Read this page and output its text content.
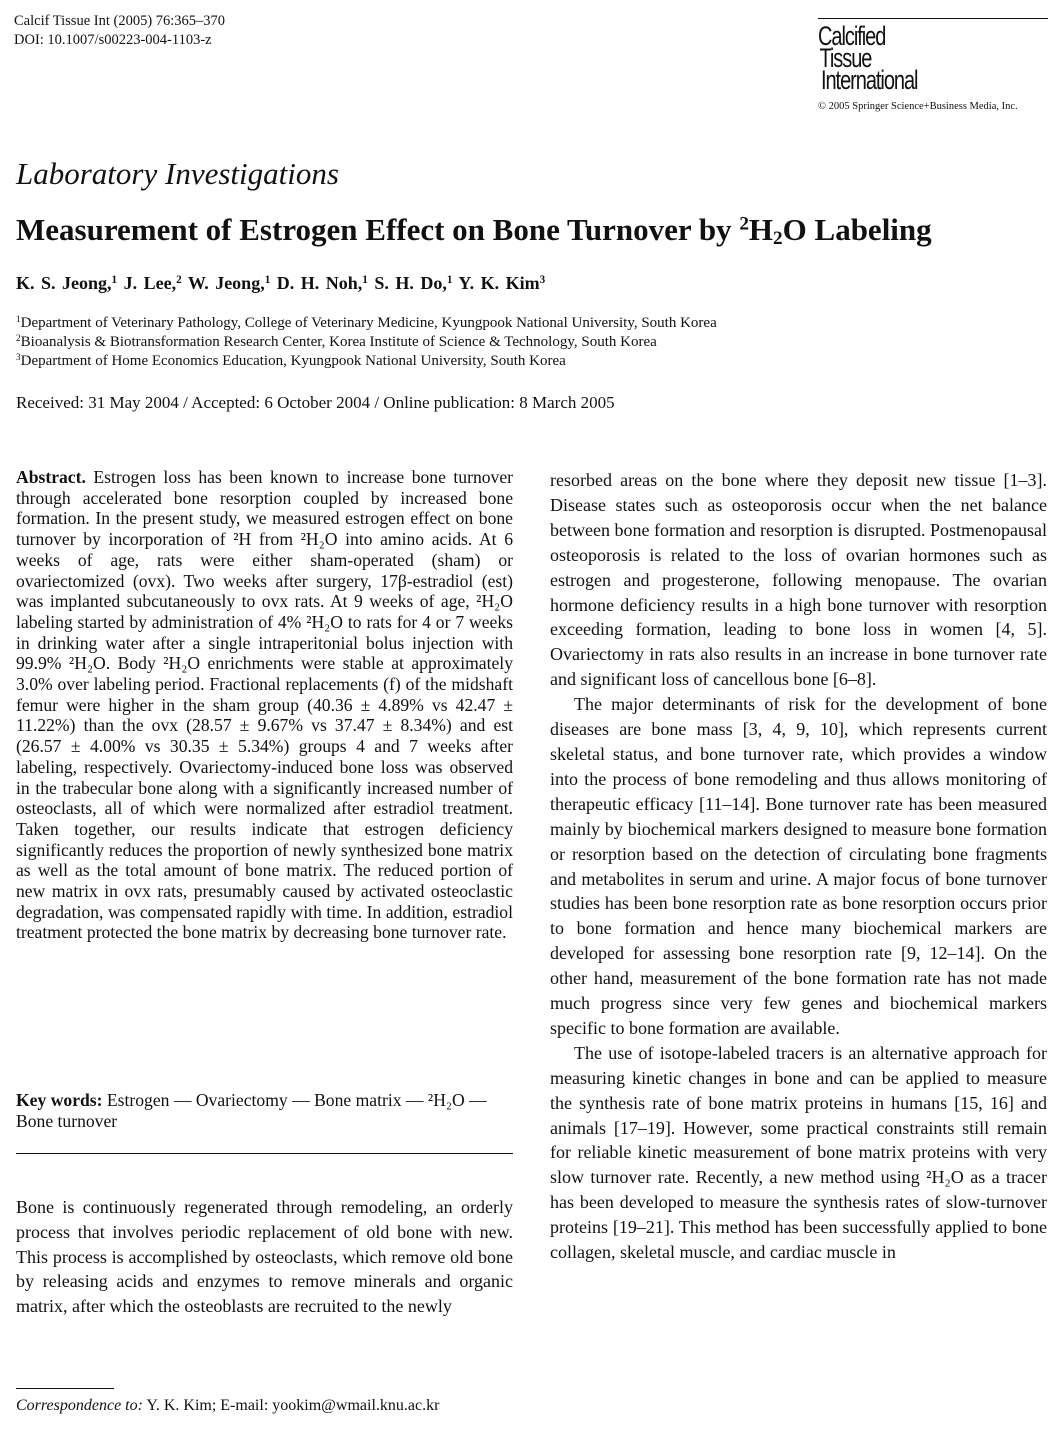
Calcif Tissue Int (2005) 76:365–370
DOI: 10.1007/s00223-004-1103-z	Calcified
Tissue
International
© 2005 Springer Science+Business Media, Inc.
Laboratory Investigations
Measurement of Estrogen Effect on Bone Turnover by $^2H_2O$ Labeling
K. S. Jeong,$^1$ J. Lee,$^2$ W. Jeong,$^1$ D. H. Noh,$^1$ S. H. Do,$^1$ Y. K. Kim$^3$
$^1$Department of Veterinary Pathology, College of Veterinary Medicine, Kyungpook National University, South Korea
$^2$Bioanalysis & Biotransformation Research Center, Korea Institute of Science & Technology, South Korea
$^3$Department of Home Economics Education, Kyungpook National University, South Korea
Received: 31 May 2004 / Accepted: 6 October 2004 / Online publication: 8 March 2005
Abstract. Estrogen loss has been known to increase bone turnover through accelerated bone resorption coupled by increased bone formation. In the present study, we measured estrogen effect on bone turnover by incorporation of ²H from ²H₂O into amino acids. At 6 weeks of age, rats were either sham-operated (sham) or ovariectomized (ovx). Two weeks after surgery, 17β-estradiol (est) was implanted subcutaneously to ovx rats. At 9 weeks of age, ²H₂O labeling started by administration of 4% ²H₂O to rats for 4 or 7 weeks in drinking water after a single intraperitonial bolus injection with 99.9% ²H₂O. Body ²H₂O enrichments were stable at approximately 3.0% over labeling period. Fractional replacements (f) of the midshaft femur were higher in the sham group (40.36 ± 4.89% vs 42.47 ± 11.22%) than the ovx (28.57 ± 9.67% vs 37.47 ± 8.34%) and est (26.57 ± 4.00% vs 30.35 ± 5.34%) groups 4 and 7 weeks after labeling, respectively. Ovariectomy-induced bone loss was observed in the trabecular bone along with a significantly increased number of osteoclasts, all of which were normalized after estradiol treatment. Taken together, our results indicate that estrogen deficiency significantly reduces the proportion of newly synthesized bone matrix as well as the total amount of bone matrix. The reduced portion of new matrix in ovx rats, presumably caused by activated osteoclastic degradation, was compensated rapidly with time. In addition, estradiol treatment protected the bone matrix by decreasing bone turnover rate.
Key words: Estrogen — Ovariectomy — Bone matrix — ²H₂O — Bone turnover
Bone is continuously regenerated through remodeling, an orderly process that involves periodic replacement of old bone with new. This process is accomplished by osteoclasts, which remove old bone by releasing acids and enzymes to remove minerals and organic matrix, after which the osteoblasts are recruited to the newly
Correspondence to: Y. K. Kim; E-mail: yookim@wmail.knu.ac.kr

resorbed areas on the bone where they deposit new tissue [1–3]. Disease states such as osteoporosis occur when the net balance between bone formation and resorption is disrupted. Postmenopausal osteoporosis is related to the loss of ovarian hormones such as estrogen and progesterone, following menopause. The ovarian hormone deficiency results in a high bone turnover with resorption exceeding formation, leading to bone loss in women [4, 5]. Ovariectomy in rats also results in an increase in bone turnover rate and significant loss of cancellous bone [6–8].

The major determinants of risk for the development of bone diseases are bone mass [3, 4, 9, 10], which represents current skeletal status, and bone turnover rate, which provides a window into the process of bone remodeling and thus allows monitoring of therapeutic efficacy [11–14]. Bone turnover rate has been measured mainly by biochemical markers designed to measure bone formation or resorption based on the detection of circulating bone fragments and metabolites in serum and urine. A major focus of bone turnover studies has been bone resorption rate as bone resorption occurs prior to bone formation and hence many biochemical markers are developed for assessing bone resorption rate [9, 12–14]. On the other hand, measurement of the bone formation rate has not made much progress since very few genes and biochemical markers specific to bone formation are available.

The use of isotope-labeled tracers is an alternative approach for measuring kinetic changes in bone and can be applied to measure the synthesis rate of bone matrix proteins in humans [15, 16] and animals [17–19]. However, some practical constraints still remain for reliable kinetic measurement of bone matrix proteins with very slow turnover rate. Recently, a new method using ²H₂O as a tracer has been developed to measure the synthesis rates of slow-turnover proteins [19–21]. This method has been successfully applied to bone collagen, skeletal muscle, and cardiac muscle in
